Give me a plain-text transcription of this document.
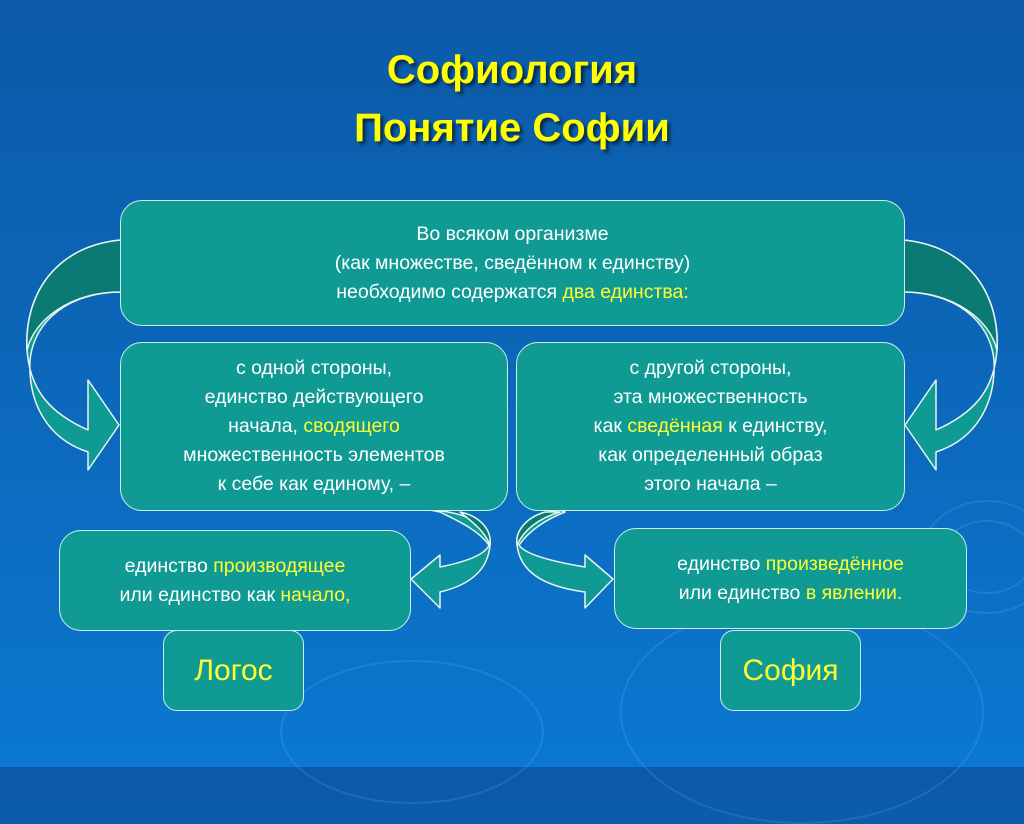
Софиология
Понятие Софии
Во всяком организме
(как множестве, сведённом к единству)
необходимо содержатся два единства:
с одной стороны,
единство действующего
начала, сводящего
множественность элементов
к себе как единому, –
с другой стороны,
эта множественность
как сведённая к единству,
как определенный образ
этого начала –
единство производящее
или единство как начало,
единство произведённое
или единство в явлении.
Логос	София
